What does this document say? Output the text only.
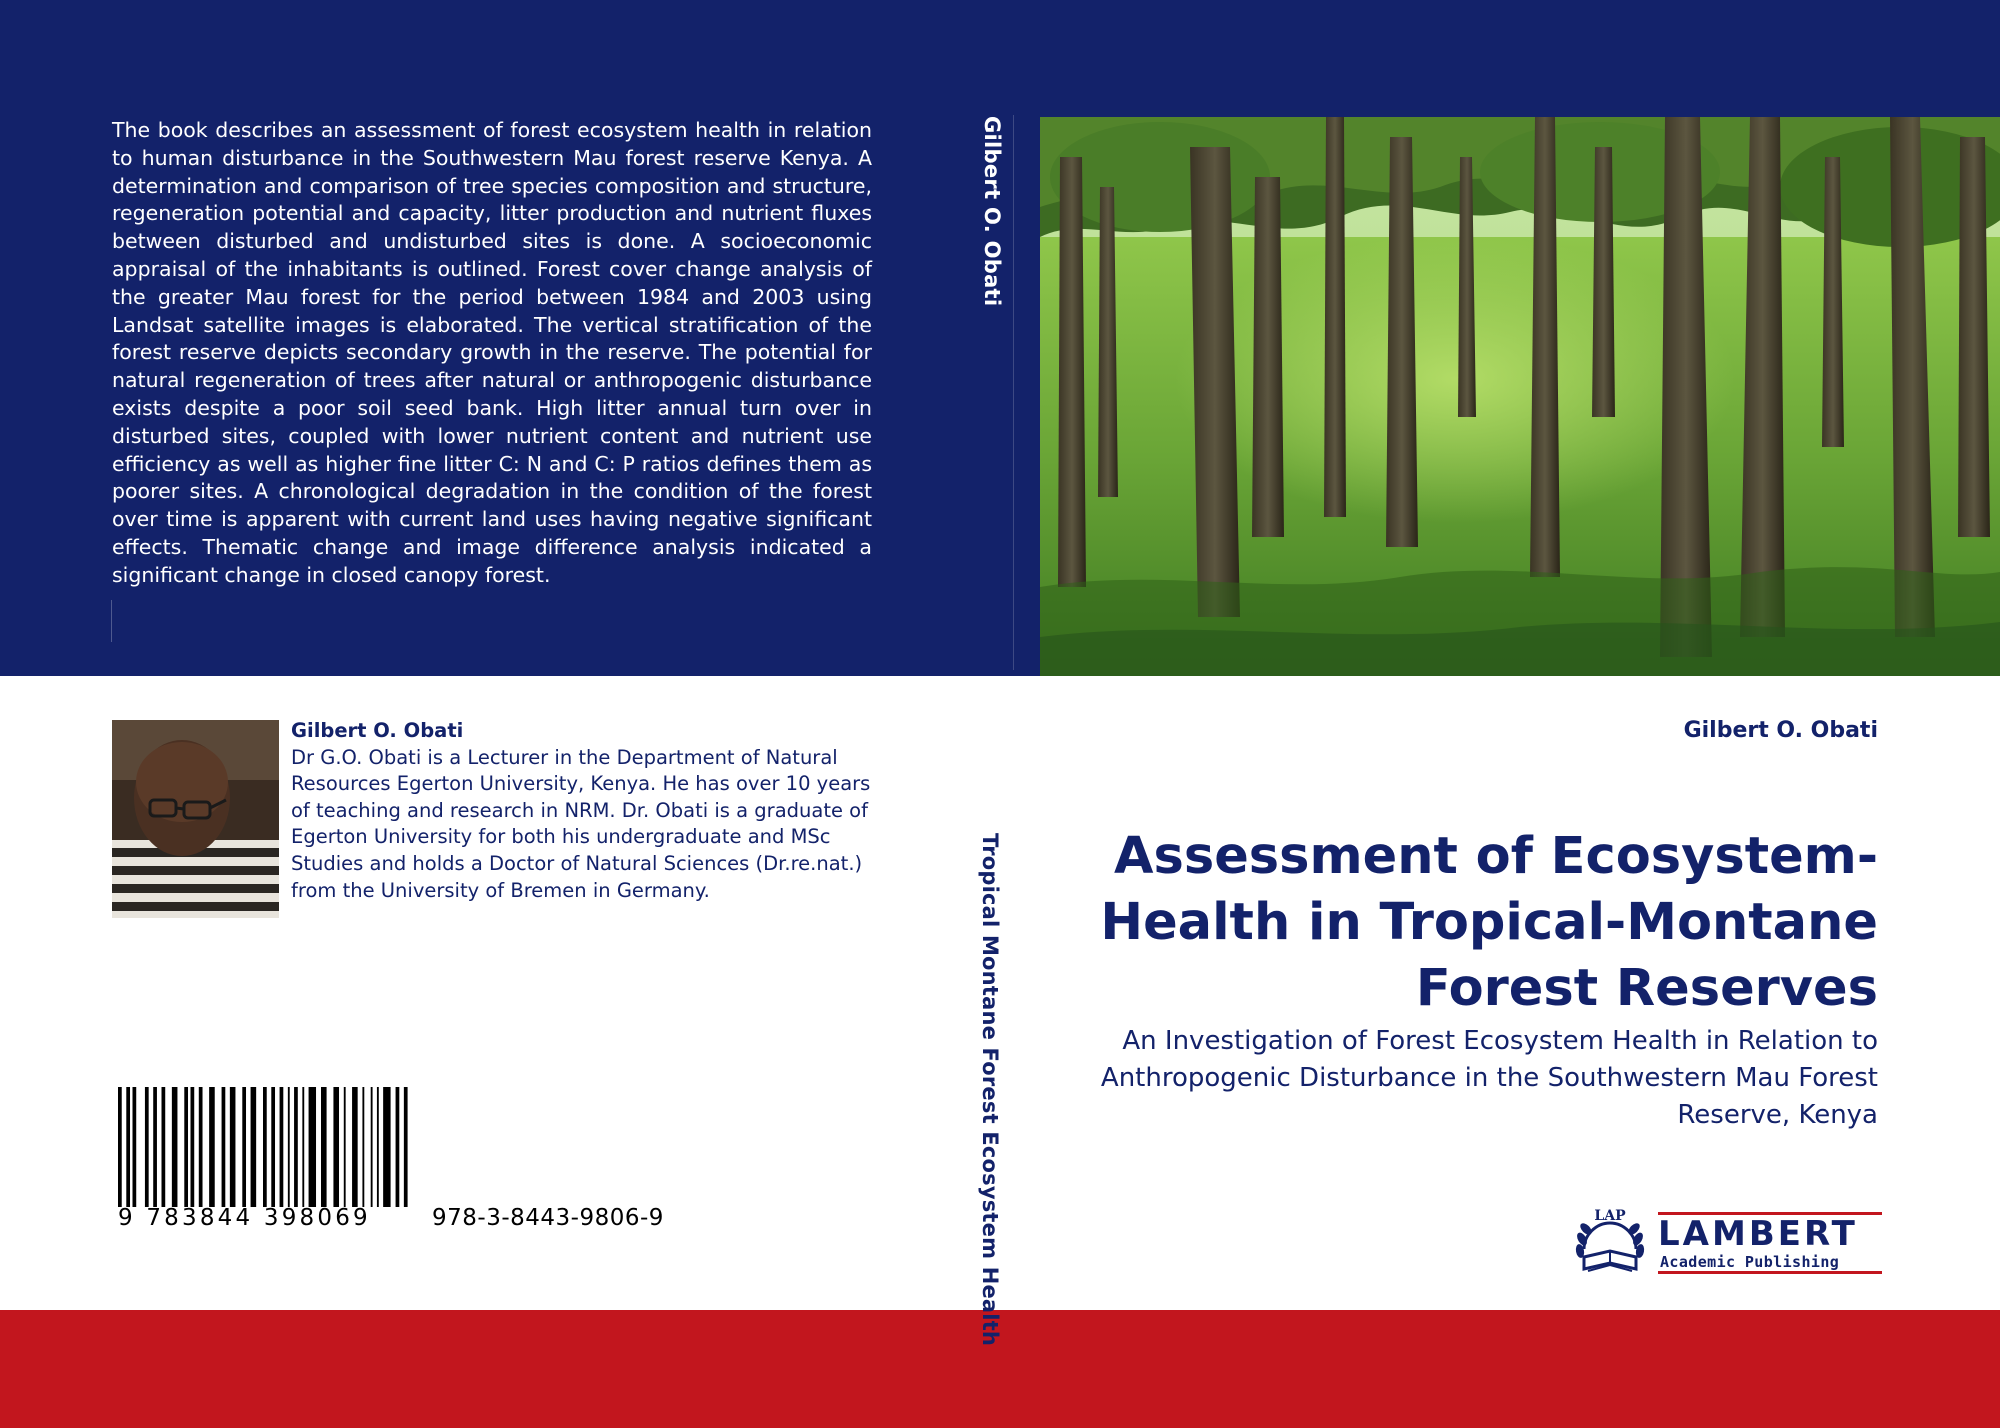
The book describes an assessment of forest ecosystem health in relation to human disturbance in the Southwestern Mau forest reserve Kenya. A determination and comparison of tree species composition and structure, regeneration potential and capacity, litter production and nutrient fluxes between disturbed and undisturbed sites is done. A socioeconomic appraisal of the inhabitants is outlined. Forest cover change analysis of the greater Mau forest for the period between 1984 and 2003 using Landsat satellite images is elaborated. The vertical stratification of the forest reserve depicts secondary growth in the reserve. The potential for natural regeneration of trees after natural or anthropogenic disturbance exists despite a poor soil seed bank. High litter annual turn over in disturbed sites, coupled with lower nutrient content and nutrient use efficiency as well as higher fine litter C: N and C: P ratios defines them as poorer sites. A chronological degradation in the condition of the forest over time is apparent with current land uses having negative significant effects. Thematic change and image difference analysis indicated a significant change in closed canopy forest.

Gilbert O. Obati
Tropical Montane Forest Ecosystem Health
Gilbert O. Obati
Dr G.O. Obati is a Lecturer in the Department of Natural Resources Egerton University, Kenya. He has over 10 years of teaching and research in NRM. Dr. Obati is a graduate of Egerton University for both his undergraduate and MSc Studies and holds a Doctor of Natural Sciences (Dr.re.nat.) from the University of Bremen in Germany.
9 783844 398069	978-3-8443-9806-9
Gilbert O. Obati
Assessment of Ecosystem-Health in Tropical-Montane Forest Reserves
An Investigation of Forest Ecosystem Health in Relation to Anthropogenic Disturbance in the Southwestern Mau Forest Reserve, Kenya
LAP LAMBERT
Academic Publishing
